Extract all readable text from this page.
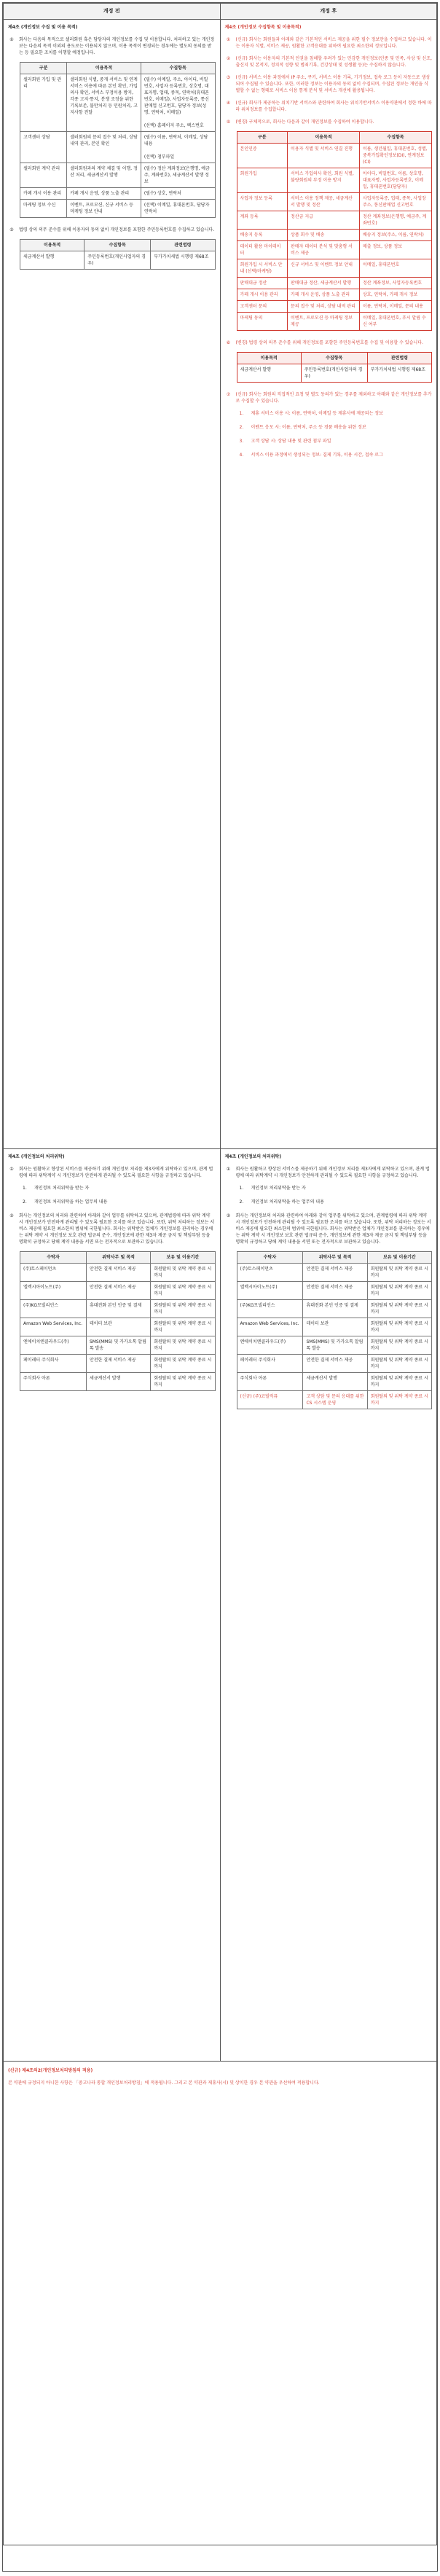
개정 전	개정 후

제4조 (개인정보 수집 및 이용 목적)
①	회사는 다음의 목적으로 셀러회원 혹은 담당자의 개인정보를 수집 및 이용합니다. 처리하고 있는 개인정보는 다음의 목적 이외의 용도로는 이용되지 않으며, 이용 목적이 변경되는 경우에는 별도의 동의를 받는 등 필요한 조치를 이행할 예정입니다.
구분	이용목적	수집항목
셀러회원 가입 및 관리	셀러회원 식별, 중개 서비스 및 연계 서비스 이용에 따른 본인 확인, 가입의사 확인, 서비스 부정이용 방지, 각종 고지·통지, 분쟁 조정을 위한 기록보존, 불만처리 등 민원처리, 고지사항 전달	(필수) 이메일, 주소, 아이디, 비밀번호, 사업자 등록번호, 상호명, 대표자명, 업태, 종목, 연락처(휴대폰번호, 이메일), 사업자등록증, 통신판매업 신고번호, 담당자 정보(성명, 연락처, 이메일)

(선택) 홈페이지 주소, 팩스번호
고객센터 상담	셀러회원의 문의 접수 및 처리, 상담 내역 관리, 본인 확인	(필수) 이름, 연락처, 이메일, 상담 내용

(선택) 첨부파일
셀러회원 계약 관리	셀러회원과의 계약 체결 및 이행, 정산 처리, 세금계산서 발행	(필수) 정산 계좌정보(은행명, 예금주, 계좌번호), 세금계산서 발행 정보
카페 개시 이용 관리	카페 개시 운영, 상품 노출 관리	(필수) 상호, 연락처
마케팅 정보 수신	이벤트, 프로모션, 신규 서비스 등 마케팅 정보 안내	(선택) 이메일, 휴대폰번호, 담당자 연락처
②	법령 상의 의무 준수를 위해 이용자의 동의 없이 개인정보를 포함한 주민등록번호를 수집하고 있습니다.
이용목적	수집항목	관련법령
세금계산서 발행	주민등록번호(개인사업자의 경우)	부가가치세법 시행령 제68조

제4조 (개인정보 수집항목 및 이용목적)
①	(신규) 회사는 회원들과 아래와 같은 기본적인 서비스 제공을 위한 필수 정보만을 수집하고 있습니다. 이는 이용자 식별, 서비스 제공, 원활한 고객응대를 위하여 필요한 최소한의 정보입니다.
②	(신규) 회사는 이용자의 기본적 인권을 침해할 우려가 있는 민감한 개인정보(인종 및 민족, 사상 및 신조, 출신지 및 본적지, 정치적 성향 및 범죄기록, 건강상태 및 성생활 등)는 수집하지 않습니다.
③	(신규) 서비스 이용 과정에서 IP 주소, 쿠키, 서비스 이용 기록, 기기정보, 접속 로그 등이 자동으로 생성되어 수집될 수 있습니다. 또한, 이러한 정보는 이용자의 동의 없이 수집되며, 수집된 정보는 개인을 식별할 수 없는 형태로 서비스 이용 통계 분석 및 서비스 개선에 활용됩니다.
④	(신규) 회사가 제공하는 위치기반 서비스와 관련하여 회사는 위치기반서비스 이용약관에서 정한 바에 따라 위치정보를 수집합니다.
⑤	(변경) 구체적으로, 회사는 다음과 같이 개인정보를 수집하여 이용합니다.
구분	이용목적	수집항목
본인인증	이용자 식별 및 서비스 연결 진행	이름, 생년월일, 휴대폰번호, 성별, 중복가입확인정보(DI), 연계정보(CI)
회원가입	서비스 가입의사 확인, 회원 식별, 불량회원의 부정 이용 방지	아이디, 비밀번호, 이름, 상호명, 대표자명, 사업자등록번호, 이메일, 휴대폰번호(담당자)
사업자 정보 등록	서비스 이용 정책 제공, 세금계산서 발행 및 정산	사업자등록증, 업태, 종목, 사업장 주소, 통신판매업 신고번호
계좌 등록	정산금 지급	정산 계좌정보(은행명, 예금주, 계좌번호)
배송지 등록	상품 회수 및 배송	배송지 정보(주소, 이름, 연락처)
데이터 활용 마이데이터	판매자 데이터 분석 및 맞춤형 서비스 제공	매출 정보, 상품 정보
회원가입 시 서비스 안내 (선택/마케팅)	신규 서비스 및 이벤트 정보 안내	이메일, 휴대폰번호
판매대금 정산	판매대금 정산, 세금계산서 발행	정산 계좌정보, 사업자등록번호
카페 개시 이용 관리	카페 개시 운영, 상품 노출 관리	상호, 연락처, 카페 개시 정보
고객센터 문의	문의 접수 및 처리, 상담 내역 관리	이름, 연락처, 이메일, 문의 내용
마케팅 동의	이벤트, 프로모션 등 마케팅 정보 제공	이메일, 휴대폰번호, 푸시 알림 수신 여부
⑥	(변경) 법령 상의 의무 준수를 위해 개인정보를 포함한 주민등록번호를 수집 및 이용할 수 있습니다.
이용목적	수집항목	관련법령
세금계산서 발행	주민등록번호(개인사업자의 경우)	부가가치세법 시행령 제68조
⑦	(신규) 회사는 회원의 직접적인 요청 및 별도 동의가 있는 경우를 제외하고 아래와 같은 개인정보를 추가로 수집할 수 있습니다.
1.	제휴 서비스 이용 시: 이름, 연락처, 이메일 등 제휴사에 제공되는 정보
2.	이벤트 응모 시: 이름, 연락처, 주소 등 경품 배송을 위한 정보
3.	고객 상담 시: 상담 내용 및 관련 첨부 파일
4.	서비스 이용 과정에서 생성되는 정보: 결제 기록, 이용 시간, 접속 로그

제4조 (개인정보의 처리위탁)
①	회사는 원활하고 향상된 서비스를 제공하기 위해 개인정보 처리를 제3자에게 위탁하고 있으며, 관계 법령에 따라 위탁계약 시 개인정보가 안전하게 관리될 수 있도록 필요한 사항을 규정하고 있습니다.
1.	개인정보 처리위탁을 받는 자
2.	개인정보 처리위탁을 하는 업무의 내용
②	회사는 개인정보의 처리와 관련하여 아래와 같이 업무를 위탁하고 있으며, 관계법령에 따라 위탁 계약 시 개인정보가 안전하게 관리될 수 있도록 필요한 조치를 하고 있습니다. 또한, 위탁 처리하는 정보는 서비스 제공에 필요한 최소한의 범위에 국한됩니다. 회사는 위탁받은 업체가 개인정보를 관리하는 경우에는 위탁 계약 시 개인정보 보호 관련 법규의 준수, 개인정보에 관한 제3자 제공 금지 및 책임부담 등을 명확히 규정하고 당해 계약 내용을 서면 또는 전자적으로 보관하고 있습니다.
수탁자	위탁사무 및 목적	보유 및 이용기간
(주)토스페이먼츠	안전한 결제 서비스 제공	회원탈퇴 및 위탁 계약 종료 시까지
엘렉시아이노트(주)	안전한 결제 서비스 제공	회원탈퇴 및 위탁 계약 종료 시까지
(주)KG모빌리언스	휴대전화 본인 인증 및 결제	회원탈퇴 및 위탁 계약 종료 시까지
Amazon Web Services, Inc.	데이터 보관	회원탈퇴 및 위탁 계약 종료 시까지
엔에이치엔클라우드(주)	SMS(MMS) 및 카카오톡 알림톡 발송	회원탈퇴 및 위탁 계약 종료 시까지
페이레터 주식회사	안전한 결제 서비스 제공	회원탈퇴 및 위탁 계약 종료 시까지
주식회사 아론	세금계산서 발행	회원탈퇴 및 위탁 계약 종료 시까지

제4조 (개인정보의 처리위탁)
①	회사는 원활하고 향상된 서비스를 제공하기 위해 개인정보 처리를 제3자에게 위탁하고 있으며, 관계 법령에 따라 위탁계약 시 개인정보가 안전하게 관리될 수 있도록 필요한 사항을 규정하고 있습니다.
1.	개인정보 처리위탁을 받는 자
2.	개인정보 처리위탁을 하는 업무의 내용
②	회사는 개인정보의 처리와 관련하여 아래와 같이 업무를 위탁하고 있으며, 관계법령에 따라 위탁 계약 시 개인정보가 안전하게 관리될 수 있도록 필요한 조치를 하고 있습니다. 또한, 위탁 처리하는 정보는 서비스 제공에 필요한 최소한의 범위에 국한됩니다. 회사는 위탁받은 업체가 개인정보를 관리하는 경우에는 위탁 계약 시 개인정보 보호 관련 법규의 준수, 개인정보에 관한 제3자 제공 금지 및 책임부담 등을 명확히 규정하고 당해 계약 내용을 서면 또는 전자적으로 보관하고 있습니다.
수탁자	위탁사무 및 목적	보유 및 이용기간
(주)토스페이먼츠	안전한 결제 서비스 제공	회원탈퇴 및 위탁 계약 종료 시까지
엘렉시아이노트(주)	안전한 결제 서비스 제공	회원탈퇴 및 위탁 계약 종료 시까지
(주)KG모빌리언스	휴대전화 본인 인증 및 결제	회원탈퇴 및 위탁 계약 종료 시까지
Amazon Web Services, Inc.	데이터 보관	회원탈퇴 및 위탁 계약 종료 시까지
엔에이치엔클라우드(주)	SMS(MMS) 및 카카오톡 알림톡 발송	회원탈퇴 및 위탁 계약 종료 시까지
페이레터 주식회사	안전한 결제 서비스 제공	회원탈퇴 및 위탁 계약 종료 시까지
주식회사 아론	세금계산서 발행	회원탈퇴 및 위탁 계약 종료 시까지
(신규) (주)코빌럭퓨	고객 상담 및 문의 응대를 위한 CS 시스템 운영	회원탈퇴 및 위탁 계약 종료 시까지

(신규) 제4조의2(개인정보처리방침의 적용)
본 약관에 규정되지 아니한 사항은 「중고나라 통합 개인정보처리방침」에 적용됩니다. 그리고 본 약관과 제휴사(시) 및 상이한 경우 본 약관을 우선하여 적용합니다.
